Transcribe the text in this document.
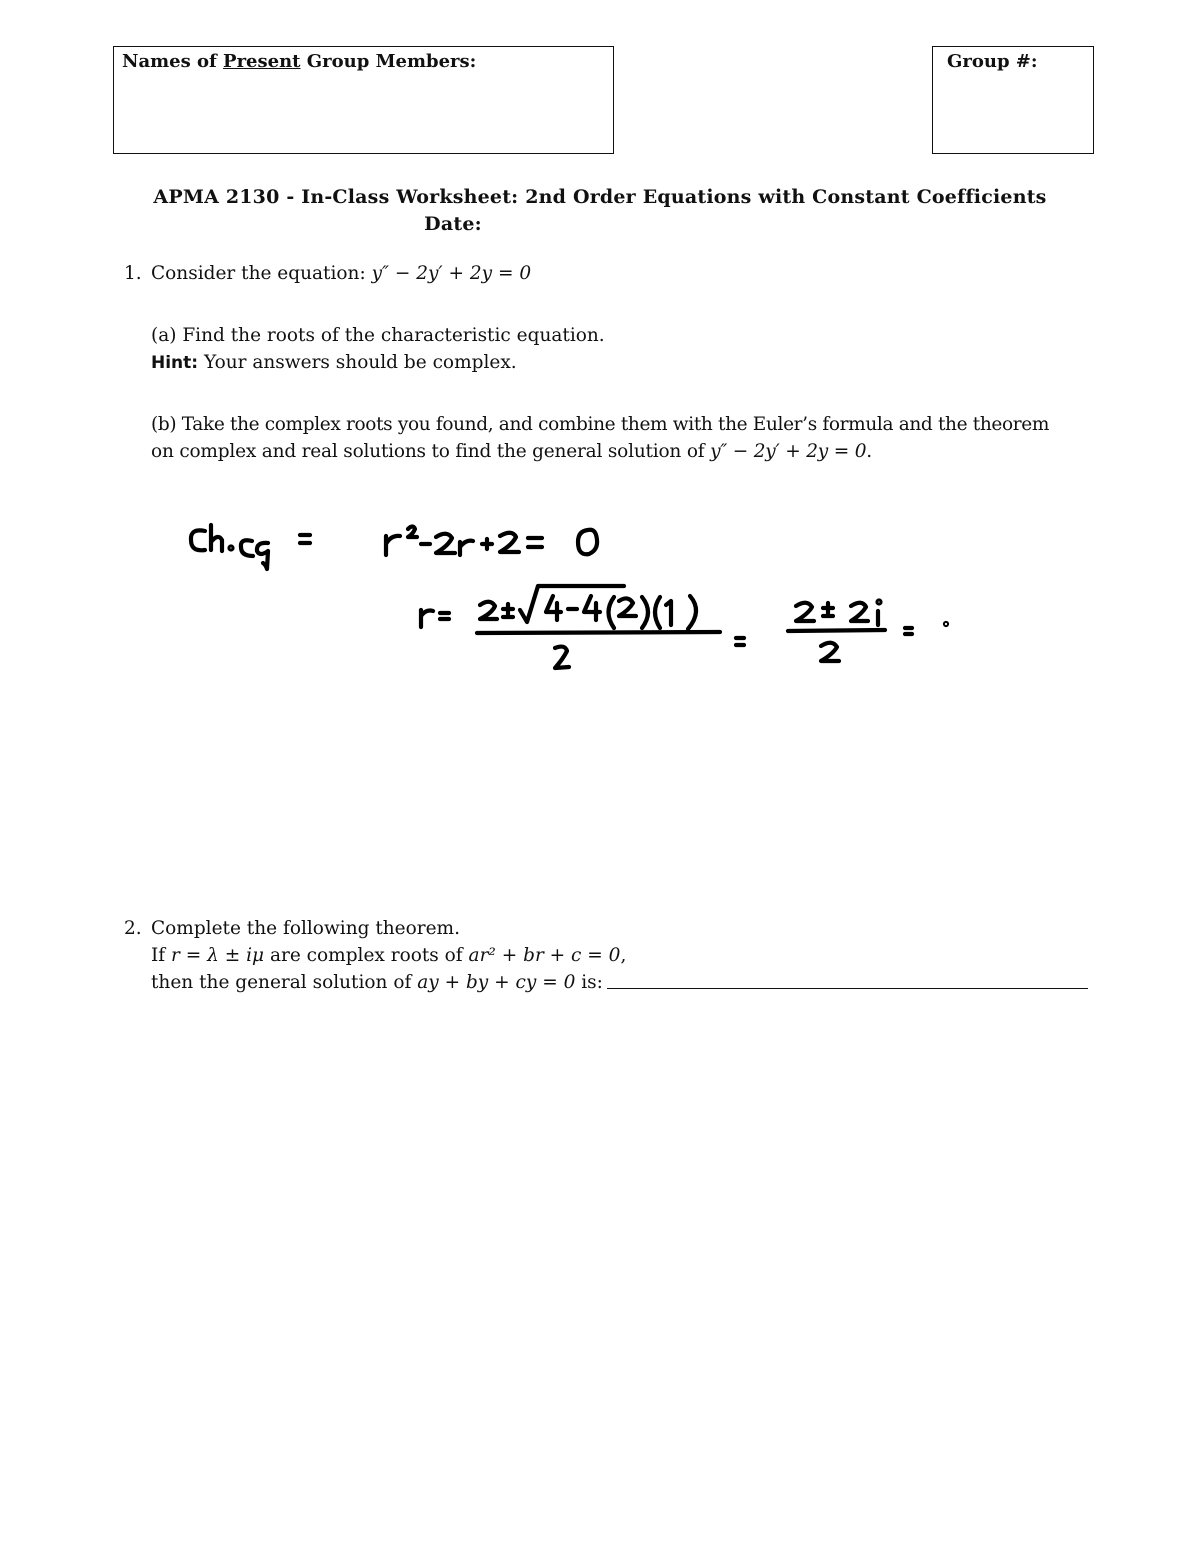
Names of Present Group Members:	Group #:
APMA 2130 - In-Class Worksheet: 2nd Order Equations with Constant Coefficients
Date:
1. Consider the equation: y″ − 2y′ + 2y = 0
(a) Find the roots of the characteristic equation.
Hint: Your answers should be complex.
(b) Take the complex roots you found, and combine them with the Euler’s formula and the theorem
on complex and real solutions to find the general solution of y″ − 2y′ + 2y = 0.
2. Complete the following theorem.
If r = λ ± iμ are complex roots of ar² + br + c = 0,
then the general solution of ay + by + cy = 0 is:
